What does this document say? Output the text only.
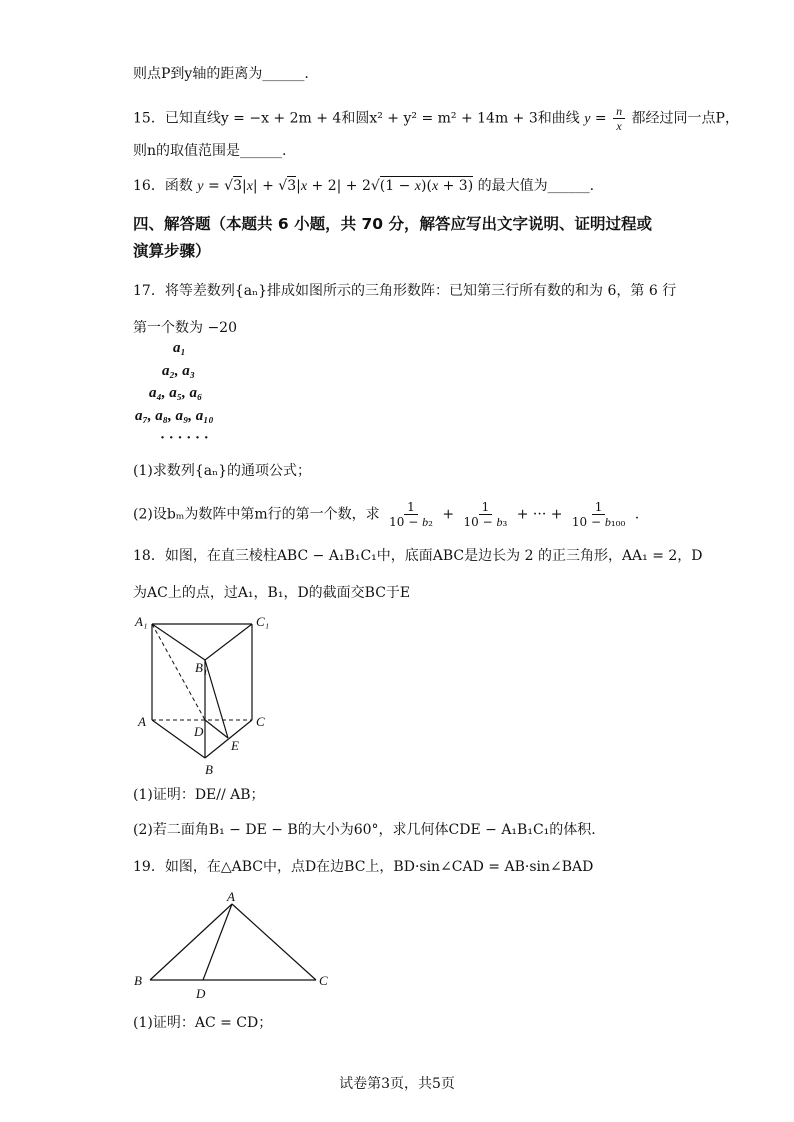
则点P到y轴的距离为______.
15．已知直线y = −x + 2m + 4和圆x² + y² = m² + 14m + 3和曲线 $y = \frac{n}{x}$ 都经过同一点P，
则n的取值范围是______.
16．函数 y = √3|x| + √3|x + 2| + 2√(1 − x)(x + 3) 的最大值为______.
四、解答题（本题共 6 小题，共 70 分，解答应写出文字说明、证明过程或
演算步骤）
17．将等差数列{aₙ}排成如图所示的三角形数阵：已知第三行所有数的和为 6，第 6 行
第一个数为 −20
a₁
a₂, a₃
a₄, a₅, a₆
a₇, a₈, a₉, a₁₀
· · · · · ·
(1)求数列{aₙ}的通项公式；
(2)设bₘ为数阵中第m行的第一个数，求 $\frac{1}{\text{10 − b₂}} + \frac{1}{\text{10 − b₃}}$ + ··· + $\frac{1}{\text{10 − b₁₀₀}}$ .
18．如图，在直三棱柱ABC − A₁B₁C₁中，底面ABC是边长为 2 的正三角形，AA₁ = 2，D
为AC上的点，过A₁，B₁，D的截面交BC于E
A₁	C₁
B₁
A	C
D
E
B
(1)证明：DE// AB；
(2)若二面角B₁ − DE − B的大小为60°，求几何体CDE − A₁B₁C₁的体积.
19．如图，在△ABC中，点D在边BC上，BD·sin∠CAD = AB·sin∠BAD
A
B	C
D
(1)证明：AC = CD；
试卷第3页，共5页
